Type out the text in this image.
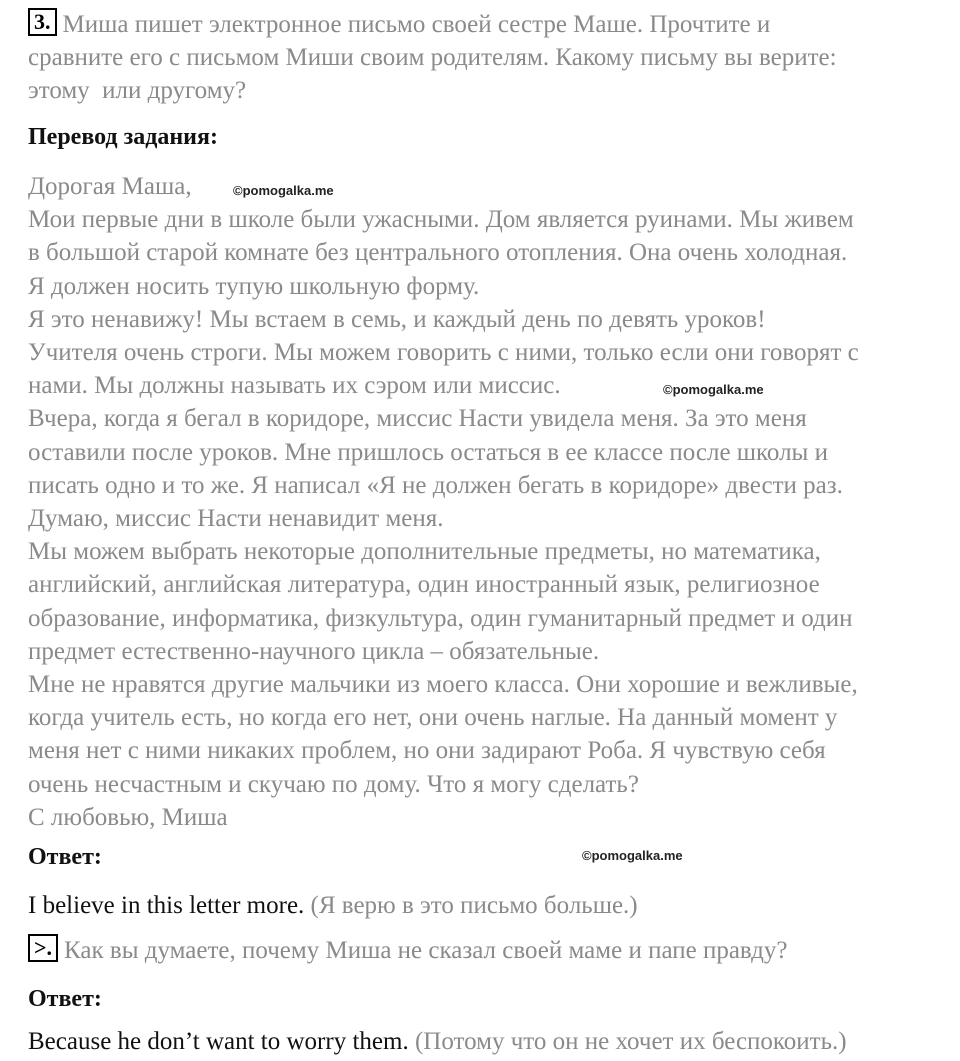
3. Миша пишет электронное письмо своей сестре Маше. Прочтите и
сравните его с письмом Миши своим родителям. Какому письму вы верите:
этому  или другому?
Перевод задания:
Дорогая Маша,
Мои первые дни в школе были ужасными. Дом является руинами. Мы живем
в большой старой комнате без центрального отопления. Она очень холодная.
Я должен носить тупую школьную форму.
Я это ненавижу! Мы встаем в семь, и каждый день по девять уроков!
Учителя очень строги. Мы можем говорить с ними, только если они говорят с
нами. Мы должны называть их сэром или миссис.
Вчера, когда я бегал в коридоре, миссис Насти увидела меня. За это меня
оставили после уроков. Мне пришлось остаться в ее классе после школы и
писать одно и то же. Я написал «Я не должен бегать в коридоре» двести раз.
Думаю, миссис Насти ненавидит меня.
Мы можем выбрать некоторые дополнительные предметы, но математика,
английский, английская литература, один иностранный язык, религиозное
образование, информатика, физкультура, один гуманитарный предмет и один
предмет естественно-научного цикла – обязательные.
Мне не нравятся другие мальчики из моего класса. Они хорошие и вежливые,
когда учитель есть, но когда его нет, они очень наглые. На данный момент у
меня нет с ними никаких проблем, но они задирают Роба. Я чувствую себя
очень несчастным и скучаю по дому. Что я могу сделать?
С любовью, Миша
Ответ:
I believe in this letter more. (Я верю в это письмо больше.)
>. Как вы думаете, почему Миша не сказал своей маме и папе правду?
Ответ:
Because he don’t want to worry them. (Потому что он не хочет их беспокоить.)
©pomogalka.me
©pomogalka.me
©pomogalka.me
